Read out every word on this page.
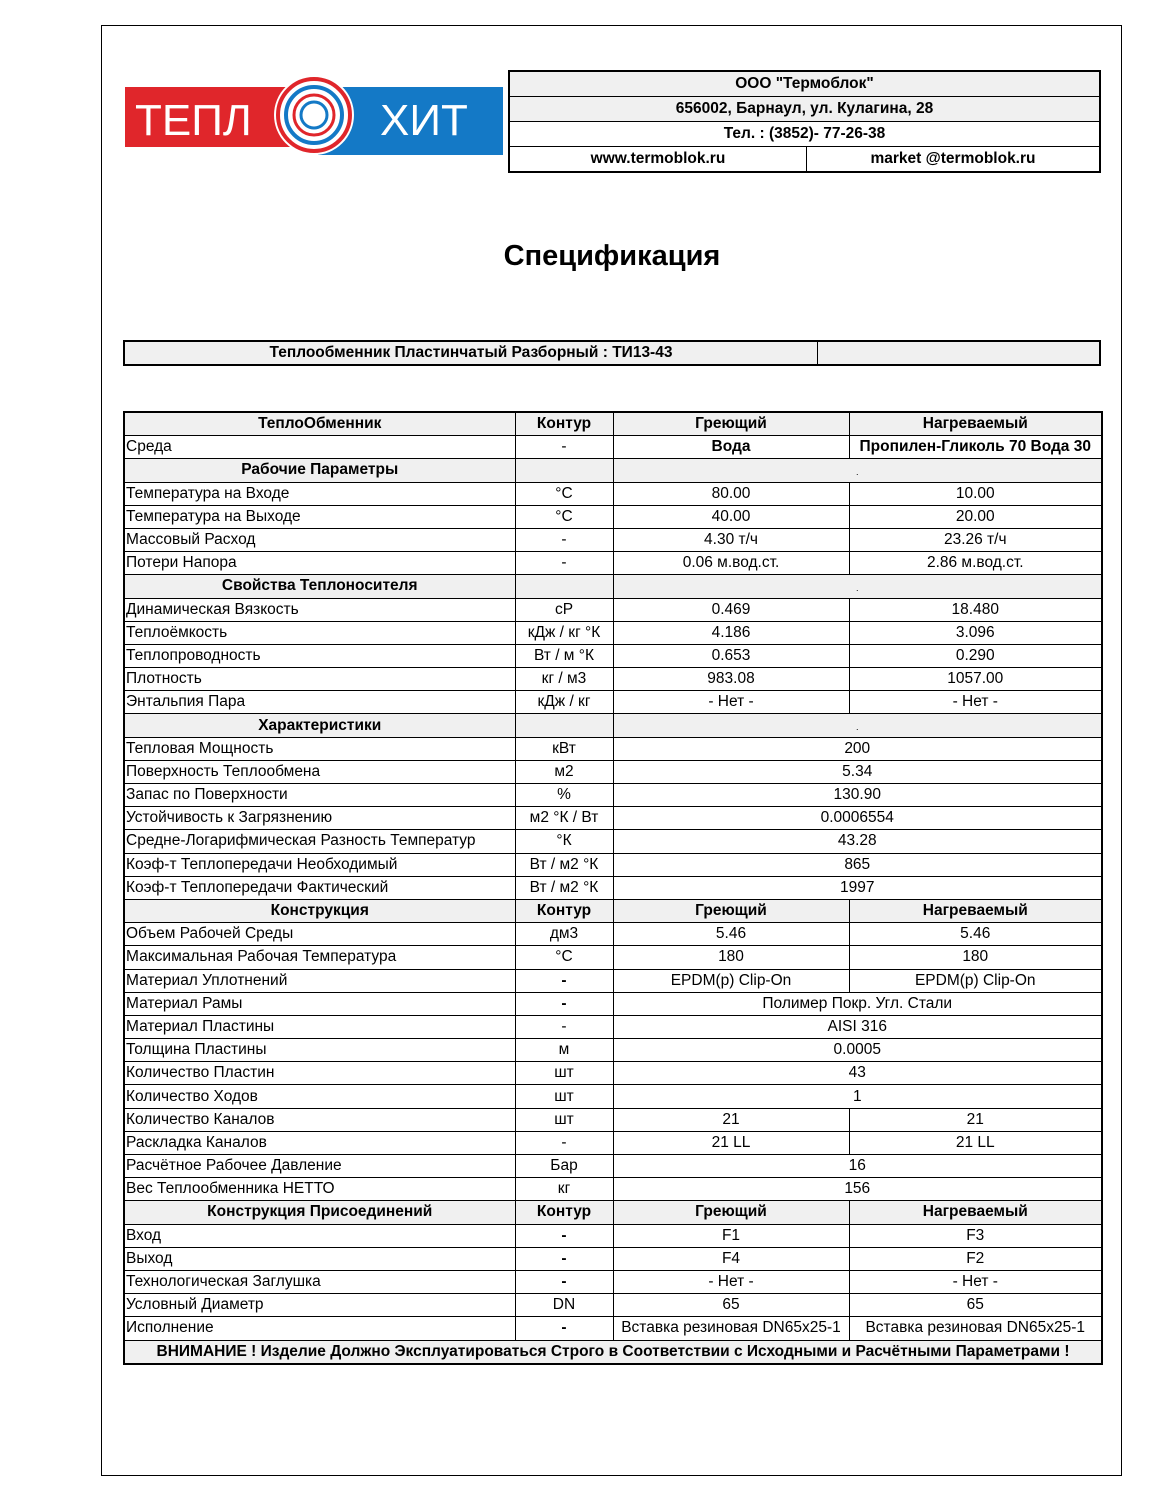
ТЕПЛ	ХИТ
ООО "Термоблок"
656002, Барнаул, ул. Кулагина, 28
Тел. : (3852)- 77-26-38
www.termoblok.ru	market @termoblok.ru
Спецификация
Теплообменник Пластинчатый Разборный : ТИ13-43	
ТеплоОбменник	Контур	Греющий	Нагреваемый
Среда	-	Вода	Пропилен-Гликоль 70 Вода 30
Рабочие Параметры		.	
Температура на Входе	°С	80.00	10.00
Температура на Выходе	°С	40.00	20.00
Массовый Расход	-	4.30 т/ч	23.26 т/ч
Потери Напора	-	0.06 м.вод.ст.	2.86 м.вод.ст.
Свойства Теплоносителя		.	
Динамическая Вязкость	cP	0.469	18.480
Теплоёмкость	кДж / кг °К	4.186	3.096
Теплопроводность	Вт / м °К	0.653	0.290
Плотность	кг / м3	983.08	1057.00
Энтальпия Пара	кДж / кг	- Нет -	- Нет -
Характеристики		.	
Тепловая Мощность	кВт	200	
Поверхность Теплообмена	м2	5.34	
Запас по Поверхности	%	130.90	
Устойчивость к Загрязнению	м2 °К / Вт	0.0006554	
Средне-Логарифмическая Разность Температур	°К	43.28	
Коэф-т Теплопередачи Необходимый	Вт / м2 °К	865	
Коэф-т Теплопередачи Фактический	Вт / м2 °К	1997	
Конструкция	Контур	Греющий	Нагреваемый
Объем Рабочей Среды	дм3	5.46	5.46
Максимальная Рабочая Температура	°С	180	180
Материал Уплотнений	-	EPDM(p) Clip-On	EPDM(p) Clip-On
Материал Рамы	-	Полимер Покр. Угл. Стали	
Материал Пластины	-	AISI 316	
Толщина Пластины	м	0.0005	
Количество Пластин	шт	43	
Количество Ходов	шт	1	
Количество Каналов	шт	21	21
Раскладка Каналов	-	21 LL	21 LL
Расчётное Рабочее Давление	Бар	16	
Вес Теплообменника НЕТТО	кг	156	
Конструкция Присоединений	Контур	Греющий	Нагреваемый
Вход	-	F1	F3
Выход	-	F4	F2
Технологическая Заглушка	-	- Нет -	- Нет -
Условный Диаметр	DN	65	65
Исполнение	-	Вставка резиновая DN65x25-1	Вставка резиновая DN65x25-1
ВНИМАНИЕ ! Изделие Должно Эксплуатироваться Строго в Соответствии с Исходными и Расчётными Параметрами !			
